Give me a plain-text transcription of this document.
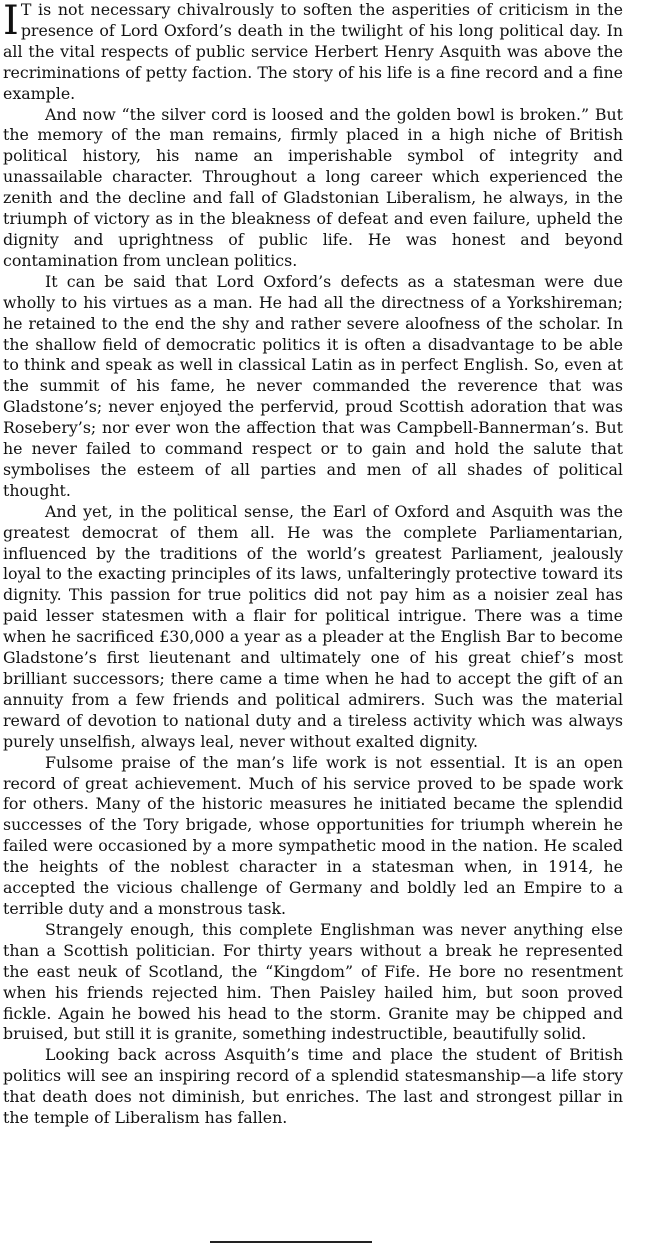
I T is not necessary chivalrously to soften the asperities of criticism in the presence of Lord Oxford’s death in the twilight of his long political day. In all the vital respects of public service Herbert Henry Asquith was above the recriminations of petty faction. The story of his life is a fine record and a fine example.

And now “the silver cord is loosed and the golden bowl is broken.” But the memory of the man remains, firmly placed in a high niche of British political history, his name an imperishable symbol of integrity and unassailable character. Throughout a long career which experienced the zenith and the decline and fall of Gladstonian Liberalism, he always, in the triumph of victory as in the bleakness of defeat and even failure, upheld the dignity and uprightness of public life. He was honest and beyond contamination from unclean politics.

It can be said that Lord Oxford’s defects as a statesman were due wholly to his virtues as a man. He had all the directness of a Yorkshireman; he retained to the end the shy and rather severe aloofness of the scholar. In the shallow field of democratic politics it is often a disadvantage to be able to think and speak as well in classical Latin as in perfect English. So, even at the summit of his fame, he never commanded the reverence that was Gladstone’s; never enjoyed the perfervid, proud Scottish adoration that was Rosebery’s; nor ever won the affection that was Campbell-Bannerman’s. But he never failed to command respect or to gain and hold the salute that symbolises the esteem of all parties and men of all shades of political thought.

And yet, in the political sense, the Earl of Oxford and Asquith was the greatest democrat of them all. He was the complete Parliamentarian, influenced by the traditions of the world’s greatest Parliament, jealously loyal to the exacting principles of its laws, unfalteringly protective toward its dignity. This passion for true politics did not pay him as a noisier zeal has paid lesser statesmen with a flair for political intrigue. There was a time when he sacrificed £30,000 a year as a pleader at the English Bar to become Gladstone’s first lieutenant and ultimately one of his great chief’s most brilliant successors; there came a time when he had to accept the gift of an annuity from a few friends and political admirers. Such was the material reward of devotion to national duty and a tireless activity which was always purely unselfish, always leal, never without exalted dignity.

Fulsome praise of the man’s life work is not essential. It is an open record of great achievement. Much of his service proved to be spade work for others. Many of the historic measures he initiated became the splendid successes of the Tory brigade, whose opportunities for triumph wherein he failed were occasioned by a more sympathetic mood in the nation. He scaled the heights of the noblest character in a statesman when, in 1914, he accepted the vicious challenge of Germany and boldly led an Empire to a terrible duty and a monstrous task.

Strangely enough, this complete Englishman was never anything else than a Scottish politician. For thirty years without a break he represented the east neuk of Scotland, the “Kingdom” of Fife. He bore no resentment when his friends rejected him. Then Paisley hailed him, but soon proved fickle. Again he bowed his head to the storm. Granite may be chipped and bruised, but still it is granite, something indestructible, beautifully solid.

Looking back across Asquith’s time and place the student of British politics will see an inspiring record of a splendid statesmanship—a life story that death does not diminish, but enriches. The last and strongest pillar in the temple of Liberalism has fallen.
